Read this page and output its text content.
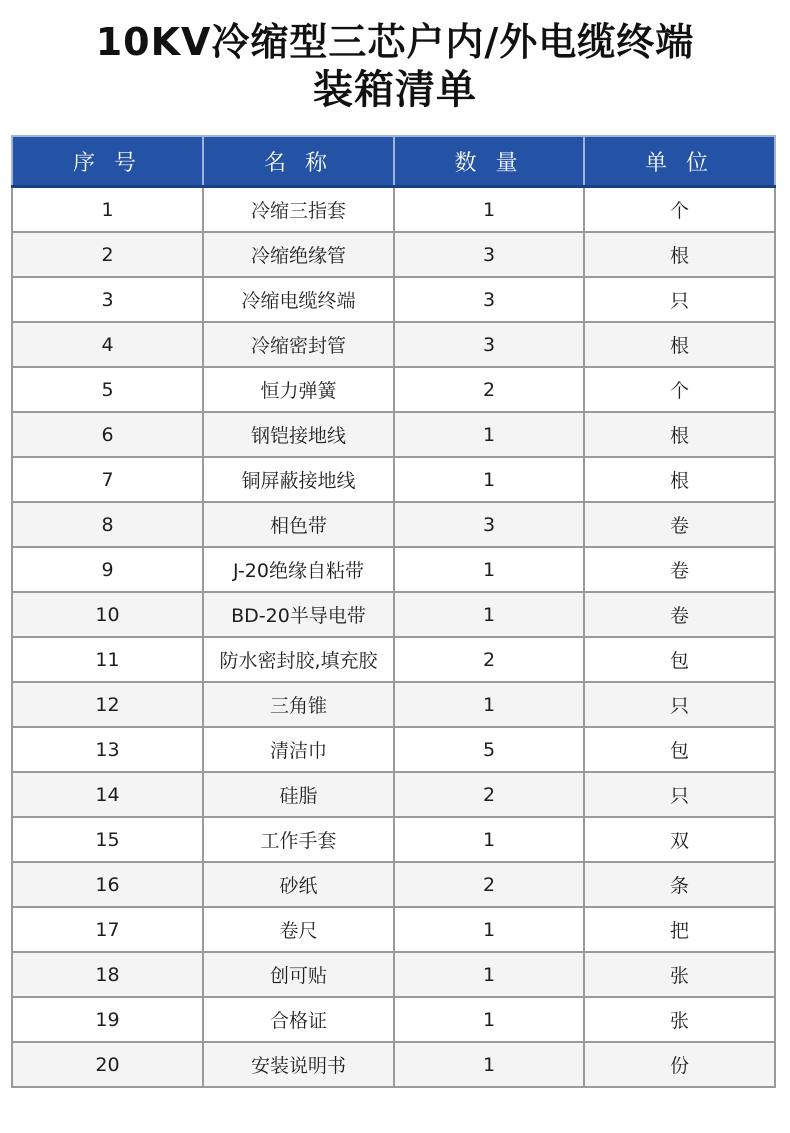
10KV冷缩型三芯户内/外电缆终端
装箱清单
序 号	名 称	数 量	单 位
1	冷缩三指套	1	个
2	冷缩绝缘管	3	根
3	冷缩电缆终端	3	只
4	冷缩密封管	3	根
5	恒力弹簧	2	个
6	钢铠接地线	1	根
7	铜屏蔽接地线	1	根
8	相色带	3	卷
9	J-20绝缘自粘带	1	卷
10	BD-20半导电带	1	卷
11	防水密封胶,填充胶	2	包
12	三角锥	1	只
13	清洁巾	5	包
14	硅脂	2	只
15	工作手套	1	双
16	砂纸	2	条
17	卷尺	1	把
18	创可贴	1	张
19	合格证	1	张
20	安装说明书	1	份
